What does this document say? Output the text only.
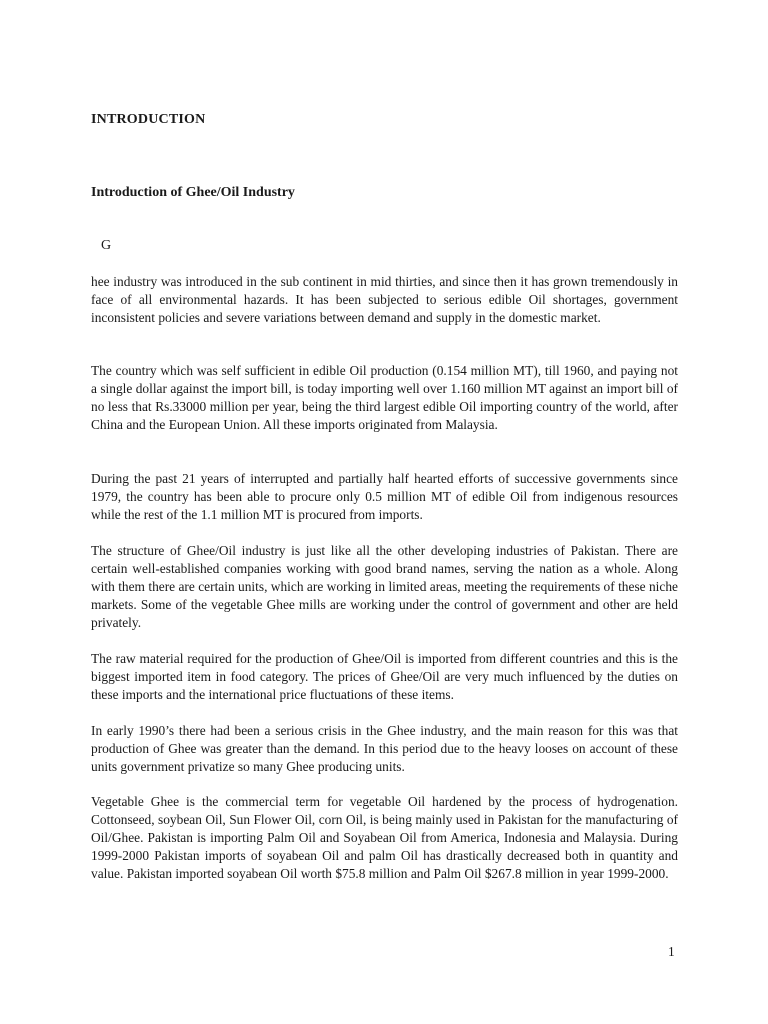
INTRODUCTION
Introduction of Ghee/Oil Industry

G

hee industry was introduced in the sub continent in mid thirties, and since then it has grown tremendously in face of all environmental hazards. It has been subjected to serious edible Oil shortages, government inconsistent policies and severe variations between demand and supply in the domestic market.

The country which was self sufficient in edible Oil production (0.154 million MT), till 1960, and paying not a single dollar against the import bill, is today importing well over 1.160 million MT against an import bill of no less that Rs.33000 million per year, being the third largest edible Oil importing country of the world, after China and the European Union. All these imports originated from Malaysia.

During the past 21 years of interrupted and partially half hearted efforts of successive governments since 1979, the country has been able to procure only 0.5 million MT of edible Oil from indigenous resources while the rest of the 1.1 million MT is procured from imports.

The structure of Ghee/Oil industry is just like all the other developing industries of Pakistan. There are certain well-established companies working with good brand names, serving the nation as a whole. Along with them there are certain units, which are working in limited areas, meeting the requirements of these niche markets. Some of the vegetable Ghee mills are working under the control of government and other are held privately.

The raw material required for the production of Ghee/Oil is imported from different countries and this is the biggest imported item in food category. The prices of Ghee/Oil are very much influenced by the duties on these imports and the international price fluctuations of these items.

In early 1990’s there had been a serious crisis in the Ghee industry, and the main reason for this was that production of Ghee was greater than the demand. In this period due to the heavy looses on account of these units government privatize so many Ghee producing units.

Vegetable Ghee is the commercial term for vegetable Oil hardened by the process of hydrogenation. Cottonseed, soybean Oil, Sun Flower Oil, corn Oil, is being mainly used in Pakistan for the manufacturing of Oil/Ghee. Pakistan is importing Palm Oil and Soyabean Oil from America, Indonesia and Malaysia. During 1999-2000 Pakistan imports of soyabean Oil and palm Oil has drastically decreased both in quantity and value. Pakistan imported soyabean Oil worth $75.8 million and Palm Oil $267.8 million in year 1999-2000.

1
